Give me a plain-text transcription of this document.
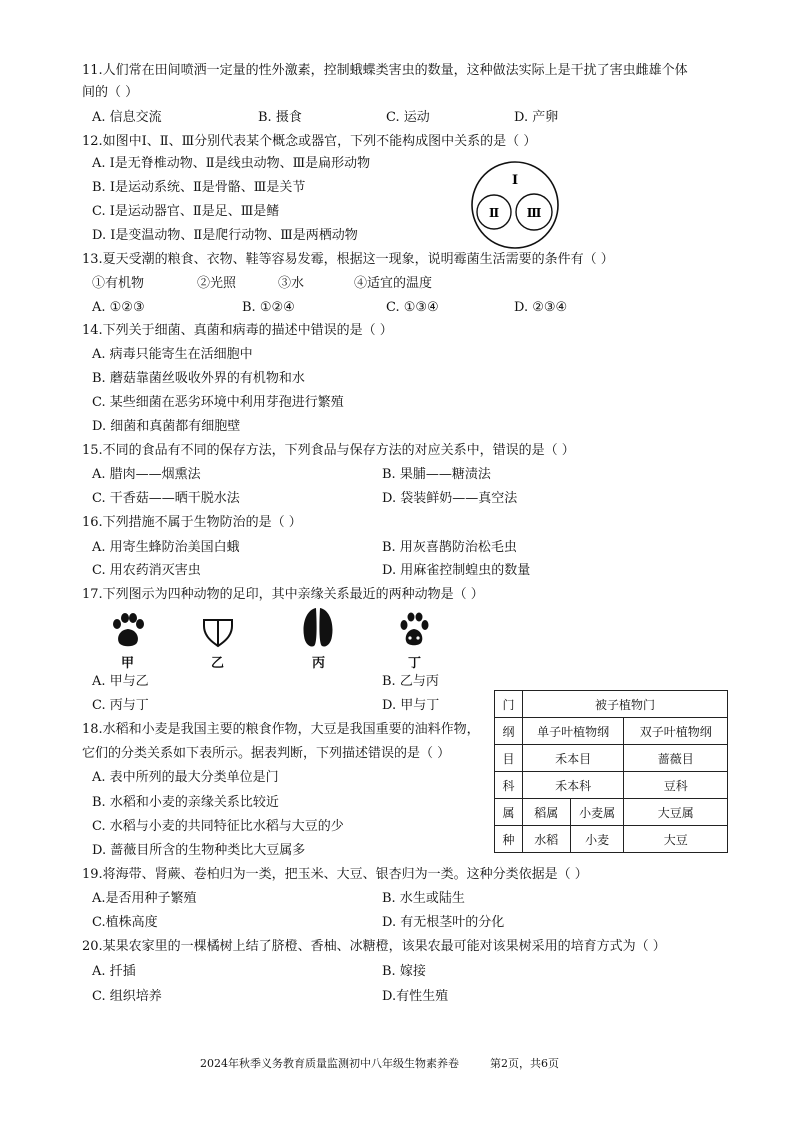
11.人们常在田间喷洒一定量的性外激素，控制蛾蝶类害虫的数量，这种做法实际上是干扰了害虫雌雄个体
间的（ ）
A. 信息交流	B. 摄食	C. 运动	D. 产卵
12.如图中Ⅰ、Ⅱ、Ⅲ分别代表某个概念或器官，下列不能构成图中关系的是（ ）
A. Ⅰ是无脊椎动物、Ⅱ是线虫动物、Ⅲ是扁形动物
B. Ⅰ是运动系统、Ⅱ是骨骼、Ⅲ是关节
C. Ⅰ是运动器官、Ⅱ是足、Ⅲ是鳍
D. Ⅰ是变温动物、Ⅱ是爬行动物、Ⅲ是两栖动物
Ⅰ
Ⅱ Ⅲ
13.夏天受潮的粮食、衣物、鞋等容易发霉，根据这一现象，说明霉菌生活需要的条件有（ ）
①有机物	②光照	③水	④适宜的温度
A. ①②③	B. ①②④	C. ①③④	D. ②③④
14.下列关于细菌、真菌和病毒的描述中错误的是（ ）
A. 病毒只能寄生在活细胞中
B. 蘑菇靠菌丝吸收外界的有机物和水
C. 某些细菌在恶劣环境中利用芽孢进行繁殖
D. 细菌和真菌都有细胞壁
15.不同的食品有不同的保存方法，下列食品与保存方法的对应关系中，错误的是（ ）
A. 腊肉——烟熏法	B. 果脯——糖渍法
C. 干香菇——晒干脱水法	D. 袋装鲜奶——真空法
16.下列措施不属于生物防治的是（ ）
A. 用寄生蜂防治美国白蛾	B. 用灰喜鹊防治松毛虫
C. 用农药消灭害虫	D. 用麻雀控制蝗虫的数量
17.下列图示为四种动物的足印，其中亲缘关系最近的两种动物是（ ）
甲	乙	丙	丁
A. 甲与乙	B. 乙与丙
C. 丙与丁	D. 甲与丁
18.水稻和小麦是我国主要的粮食作物，大豆是我国重要的油料作物，
它们的分类关系如下表所示。据表判断，下列描述错误的是（ ）
A. 表中所列的最大分类单位是门
B. 水稻和小麦的亲缘关系比较近
C. 水稻与小麦的共同特征比水稻与大豆的少
D. 蔷薇目所含的生物种类比大豆属多
门	被子植物门		
纲	单子叶植物纲		双子叶植物纲
目	禾本目		蔷薇目
科	禾本科		豆科
属	稻属	小麦属	大豆属
种	水稻	小麦	大豆
19.将海带、肾蕨、卷柏归为一类，把玉米、大豆、银杏归为一类。这种分类依据是（ ）
A.是否用种子繁殖	B. 水生或陆生
C.植株高度	D. 有无根茎叶的分化
20.某果农家里的一棵橘树上结了脐橙、香柚、冰糖橙，该果农最可能对该果树采用的培育方式为（ ）
A. 扦插	B. 嫁接
C. 组织培养	D.有性生殖
2024年秋季义务教育质量监测初中八年级生物素养卷	第2页，共6页
